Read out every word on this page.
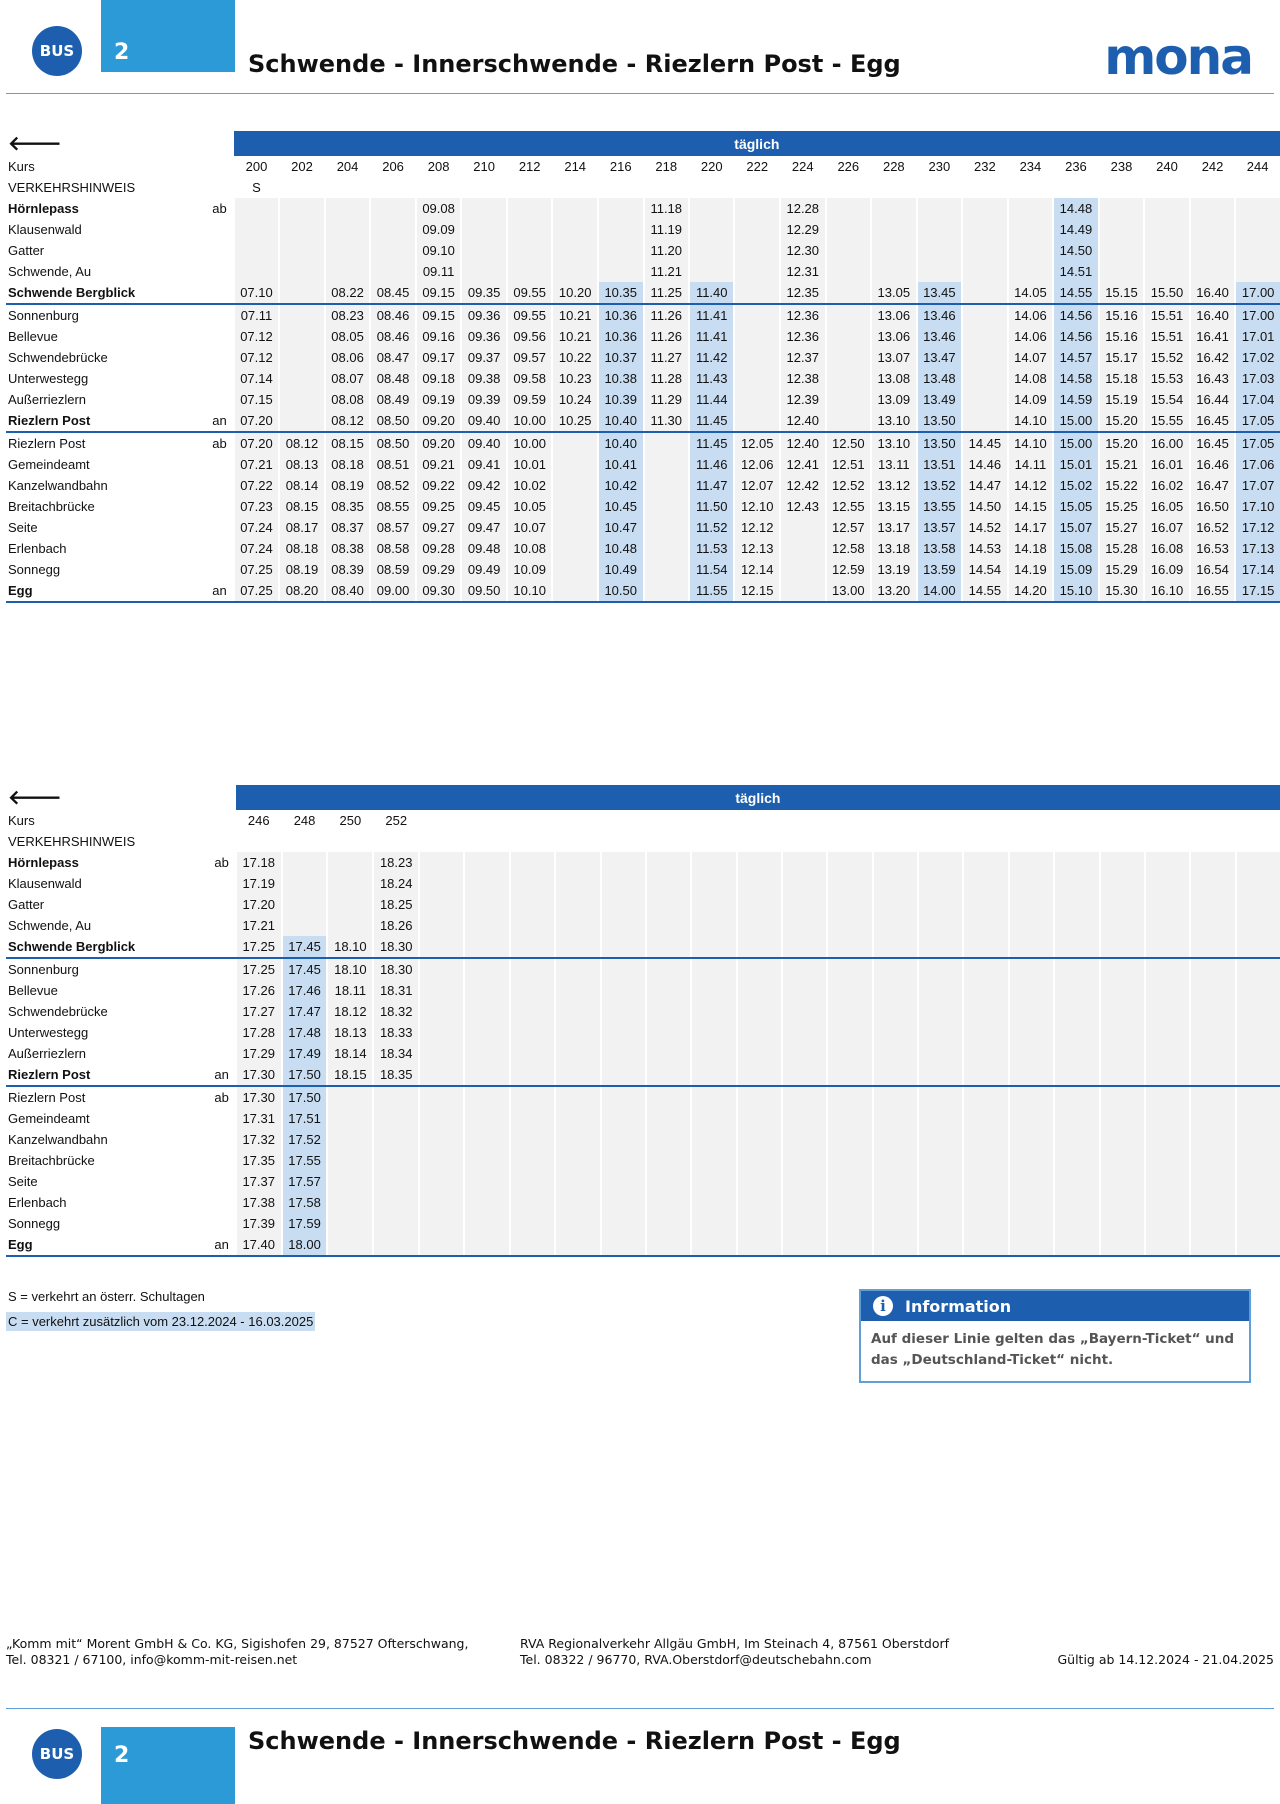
BUS	2	Schwende - Innerschwende - Riezlern Post - Egg	mona
🡐		täglich																						
Kurs		200	202	204	206	208	210	212	214	216	218	220	222	224	226	228	230	232	234	236	238	240	242	244
VERKEHRSHINWEIS		S																						
Hörnlepass	ab					09.08					11.18			12.28						14.48				
Klausenwald						09.09					11.19			12.29						14.49				
Gatter						09.10					11.20			12.30						14.50				
Schwende, Au						09.11					11.21			12.31						14.51				
Schwende Bergblick		07.10		08.22	08.45	09.15	09.35	09.55	10.20	10.35	11.25	11.40		12.35		13.05	13.45		14.05	14.55	15.15	15.50	16.40	17.00
Sonnenburg		07.11		08.23	08.46	09.15	09.36	09.55	10.21	10.36	11.26	11.41		12.36		13.06	13.46		14.06	14.56	15.16	15.51	16.40	17.00
Bellevue		07.12		08.05	08.46	09.16	09.36	09.56	10.21	10.36	11.26	11.41		12.36		13.06	13.46		14.06	14.56	15.16	15.51	16.41	17.01
Schwendebrücke		07.12		08.06	08.47	09.17	09.37	09.57	10.22	10.37	11.27	11.42		12.37		13.07	13.47		14.07	14.57	15.17	15.52	16.42	17.02
Unterwestegg		07.14		08.07	08.48	09.18	09.38	09.58	10.23	10.38	11.28	11.43		12.38		13.08	13.48		14.08	14.58	15.18	15.53	16.43	17.03
Außerriezlern		07.15		08.08	08.49	09.19	09.39	09.59	10.24	10.39	11.29	11.44		12.39		13.09	13.49		14.09	14.59	15.19	15.54	16.44	17.04
Riezlern Post	an	07.20		08.12	08.50	09.20	09.40	10.00	10.25	10.40	11.30	11.45		12.40		13.10	13.50		14.10	15.00	15.20	15.55	16.45	17.05
Riezlern Post	ab	07.20	08.12	08.15	08.50	09.20	09.40	10.00		10.40		11.45	12.05	12.40	12.50	13.10	13.50	14.45	14.10	15.00	15.20	16.00	16.45	17.05
Gemeindeamt		07.21	08.13	08.18	08.51	09.21	09.41	10.01		10.41		11.46	12.06	12.41	12.51	13.11	13.51	14.46	14.11	15.01	15.21	16.01	16.46	17.06
Kanzelwandbahn		07.22	08.14	08.19	08.52	09.22	09.42	10.02		10.42		11.47	12.07	12.42	12.52	13.12	13.52	14.47	14.12	15.02	15.22	16.02	16.47	17.07
Breitachbrücke		07.23	08.15	08.35	08.55	09.25	09.45	10.05		10.45		11.50	12.10	12.43	12.55	13.15	13.55	14.50	14.15	15.05	15.25	16.05	16.50	17.10
Seite		07.24	08.17	08.37	08.57	09.27	09.47	10.07		10.47		11.52	12.12		12.57	13.17	13.57	14.52	14.17	15.07	15.27	16.07	16.52	17.12
Erlenbach		07.24	08.18	08.38	08.58	09.28	09.48	10.08		10.48		11.53	12.13		12.58	13.18	13.58	14.53	14.18	15.08	15.28	16.08	16.53	17.13
Sonnegg		07.25	08.19	08.39	08.59	09.29	09.49	10.09		10.49		11.54	12.14		12.59	13.19	13.59	14.54	14.19	15.09	15.29	16.09	16.54	17.14
Egg	an	07.25	08.20	08.40	09.00	09.30	09.50	10.10		10.50		11.55	12.15		13.00	13.20	14.00	14.55	14.20	15.10	15.30	16.10	16.55	17.15
🡐		täglich																						
Kurs		246	248	250	252																			
VERKEHRSHINWEIS																								
Hörnlepass	ab	17.18			18.23																			
Klausenwald		17.19			18.24																			
Gatter		17.20			18.25																			
Schwende, Au		17.21			18.26																			
Schwende Bergblick		17.25	17.45	18.10	18.30																			
Sonnenburg		17.25	17.45	18.10	18.30																			
Bellevue		17.26	17.46	18.11	18.31																			
Schwendebrücke		17.27	17.47	18.12	18.32																			
Unterwestegg		17.28	17.48	18.13	18.33																			
Außerriezlern		17.29	17.49	18.14	18.34																			
Riezlern Post	an	17.30	17.50	18.15	18.35																			
Riezlern Post	ab	17.30	17.50																					
Gemeindeamt		17.31	17.51																					
Kanzelwandbahn		17.32	17.52																					
Breitachbrücke		17.35	17.55																					
Seite		17.37	17.57																					
Erlenbach		17.38	17.58																					
Sonnegg		17.39	17.59																					
Egg	an	17.40	18.00																					
S = verkehrt an österr. Schultagen
C = verkehrt zusätzlich vom 23.12.2024 - 16.03.2025
i	Information
Auf dieser Linie gelten das „Bayern-Ticket“ und das „Deutschland-Ticket“ nicht.
„Komm mit“ Morent GmbH & Co. KG, Sigishofen 29, 87527 Ofterschwang,
Tel. 08321 / 67100, info@komm-mit-reisen.net
RVA Regionalverkehr Allgäu GmbH, Im Steinach 4, 87561 Oberstdorf
Tel. 08322 / 96770, RVA.Oberstdorf@deutschebahn.com	Gültig ab 14.12.2024 - 21.04.2025
BUS	2
Schwende - Innerschwende - Riezlern Post - Egg
